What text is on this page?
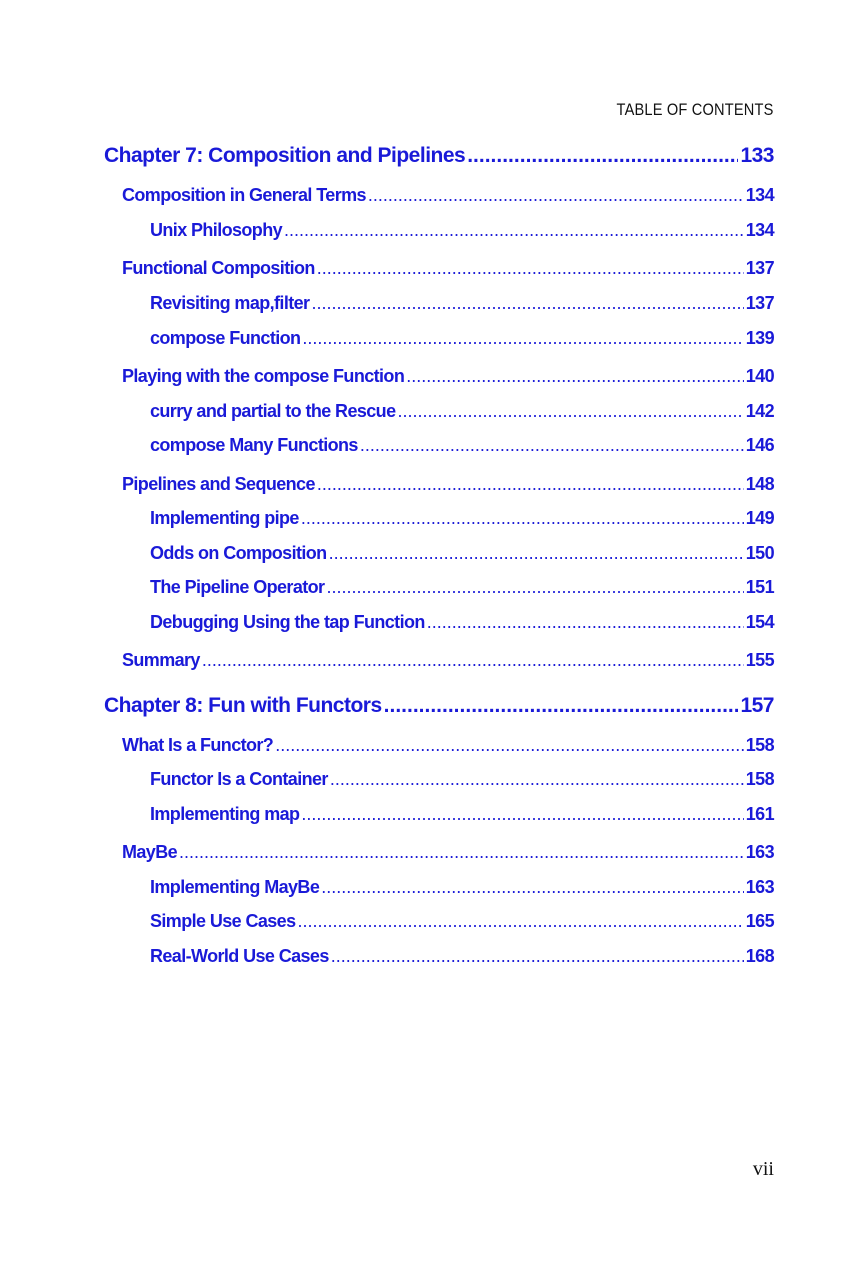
TABLE OF CONTENTS
Chapter 7: Composition and Pipelines .....	133
Composition in General Terms .....	134
Unix Philosophy .....	134
Functional Composition .....	137
Revisiting map,filter .....	137
compose Function .....	139
Playing with the compose Function .....	140
curry and partial to the Rescue .....	142
compose Many Functions .....	146
Pipelines and Sequence .....	148
Implementing pipe .....	149
Odds on Composition .....	150
The Pipeline Operator .....	151
Debugging Using the tap Function .....	154
Summary .....	155
Chapter 8: Fun with Functors .....	157
What Is a Functor? .....	158
Functor Is a Container .....	158
Implementing map .....	161
MayBe .....	163
Implementing MayBe .....	163
Simple Use Cases .....	165
Real-World Use Cases .....	168
vii
